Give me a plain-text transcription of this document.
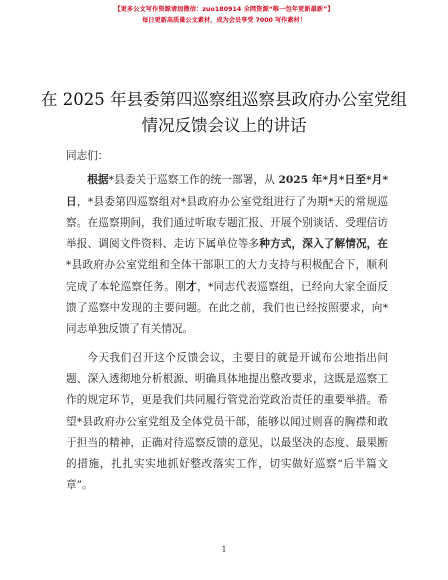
【更多公文写作资源请加微信：zuo180914 全网资源“唯一包年更新最新”】
每日更新高质量公文素材，成为会员享受 7000 写作素材！
在 2025 年县委第四巡察组巡察县政府办公室党组情况反馈会议上的讲话

同志们：

根据*县委关于巡察工作的统一部署，从 2025 年*月*日至*月*日，*县委第四巡察组对*县政府办公室党组进行了为期*天的常规巡察。在巡察期间，我们通过听取专题汇报、开展个别谈话、受理信访举报、调阅文件资料、走访下属单位等多种方式，深入了解情况，在*县政府办公室党组和全体干部职工的大力支持与积极配合下，顺利完成了本轮巡察任务。刚才，*同志代表巡察组，已经向大家全面反馈了巡察中发现的主要问题。在此之前，我们也已经按照要求，向*同志单独反馈了有关情况。

今天我们召开这个反馈会议，主要目的就是开诚布公地指出问题、深入透彻地分析根源、明确具体地提出整改要求，这既是巡察工作的规定环节，更是我们共同履行管党治党政治责任的重要举措。希望*县政府办公室党组及全体党员干部，能够以闻过则喜的胸襟和敢于担当的精神，正确对待巡察反馈的意见，以最坚决的态度、最果断的措施，扎扎实实地抓好整改落实工作，切实做好巡察“后半篇文章”。

1
